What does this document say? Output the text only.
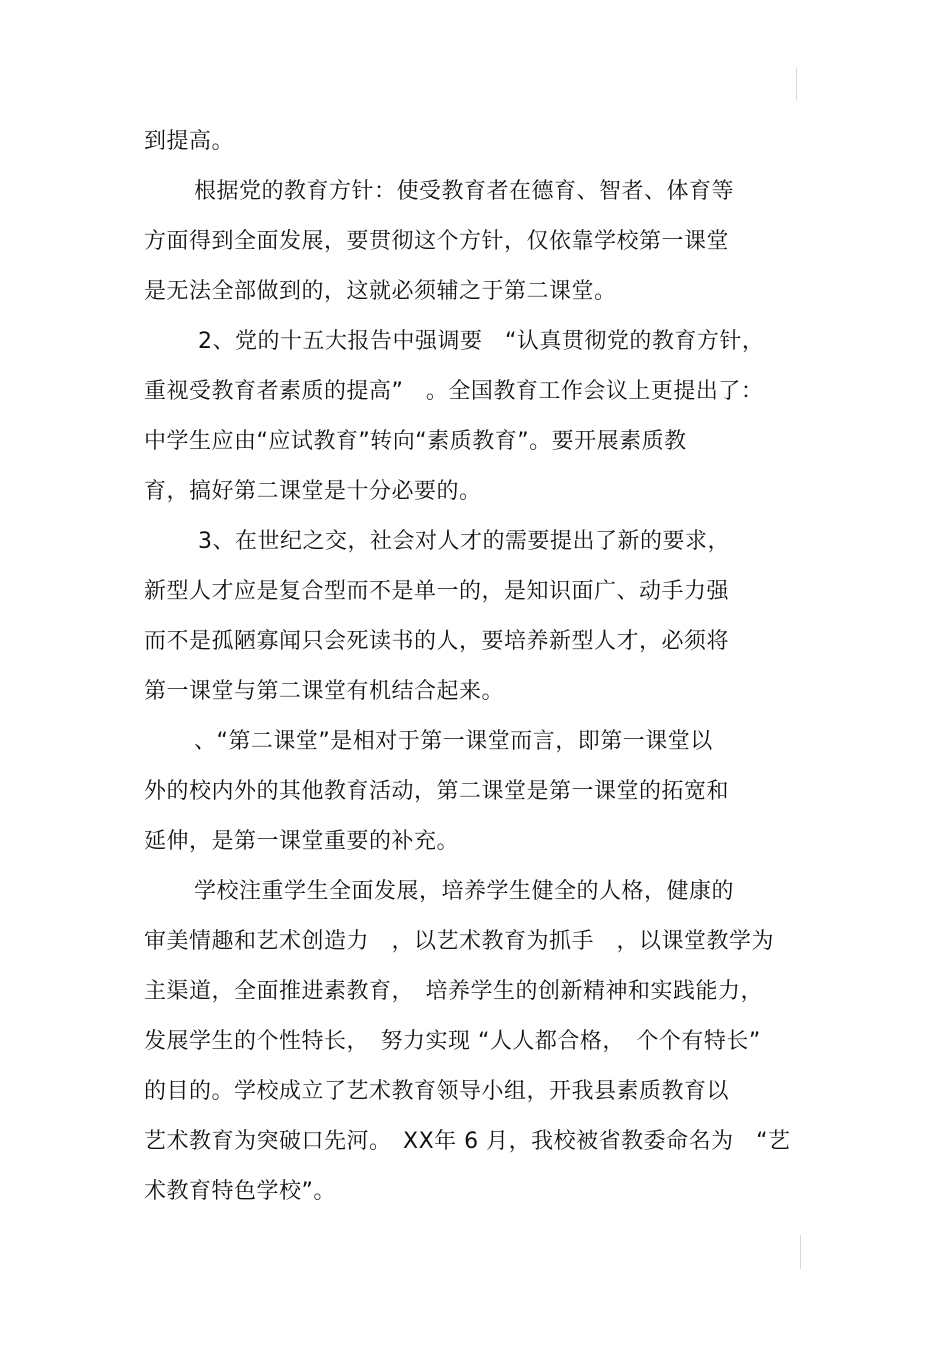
到提高。
根据党的教育方针：使受教育者在德育、智者、体育等
方面得到全面发展，要贯彻这个方针，仅依靠学校第一课堂
是无法全部做到的，这就必须辅之于第二课堂。
2、党的十五大报告中强调要　“认真贯彻党的教育方针，
重视受教育者素质的提高”　。全国教育工作会议上更提出了：
中学生应由“应试教育”转向“素质教育”。要开展素质教
育，搞好第二课堂是十分必要的。
3、在世纪之交，社会对人才的需要提出了新的要求，
新型人才应是复合型而不是单一的，是知识面广、动手力强
而不是孤陋寡闻只会死读书的人，要培养新型人才，必须将
第一课堂与第二课堂有机结合起来。
、“第二课堂”是相对于第一课堂而言，即第一课堂以
外的校内外的其他教育活动，第二课堂是第一课堂的拓宽和
延伸，是第一课堂重要的补充。
学校注重学生全面发展，培养学生健全的人格，健康的
审美情趣和艺术创造力　，以艺术教育为抓手　，以课堂教学为
主渠道，全面推进素教育，　培养学生的创新精神和实践能力，
发展学生的个性特长，　努力实现 “人人都合格，　个个有特长”
的目的。学校成立了艺术教育领导小组，开我县素质教育以
艺术教育为突破口先河。　XX年 6 月，我校被省教委命名为　“艺
术教育特色学校”。
